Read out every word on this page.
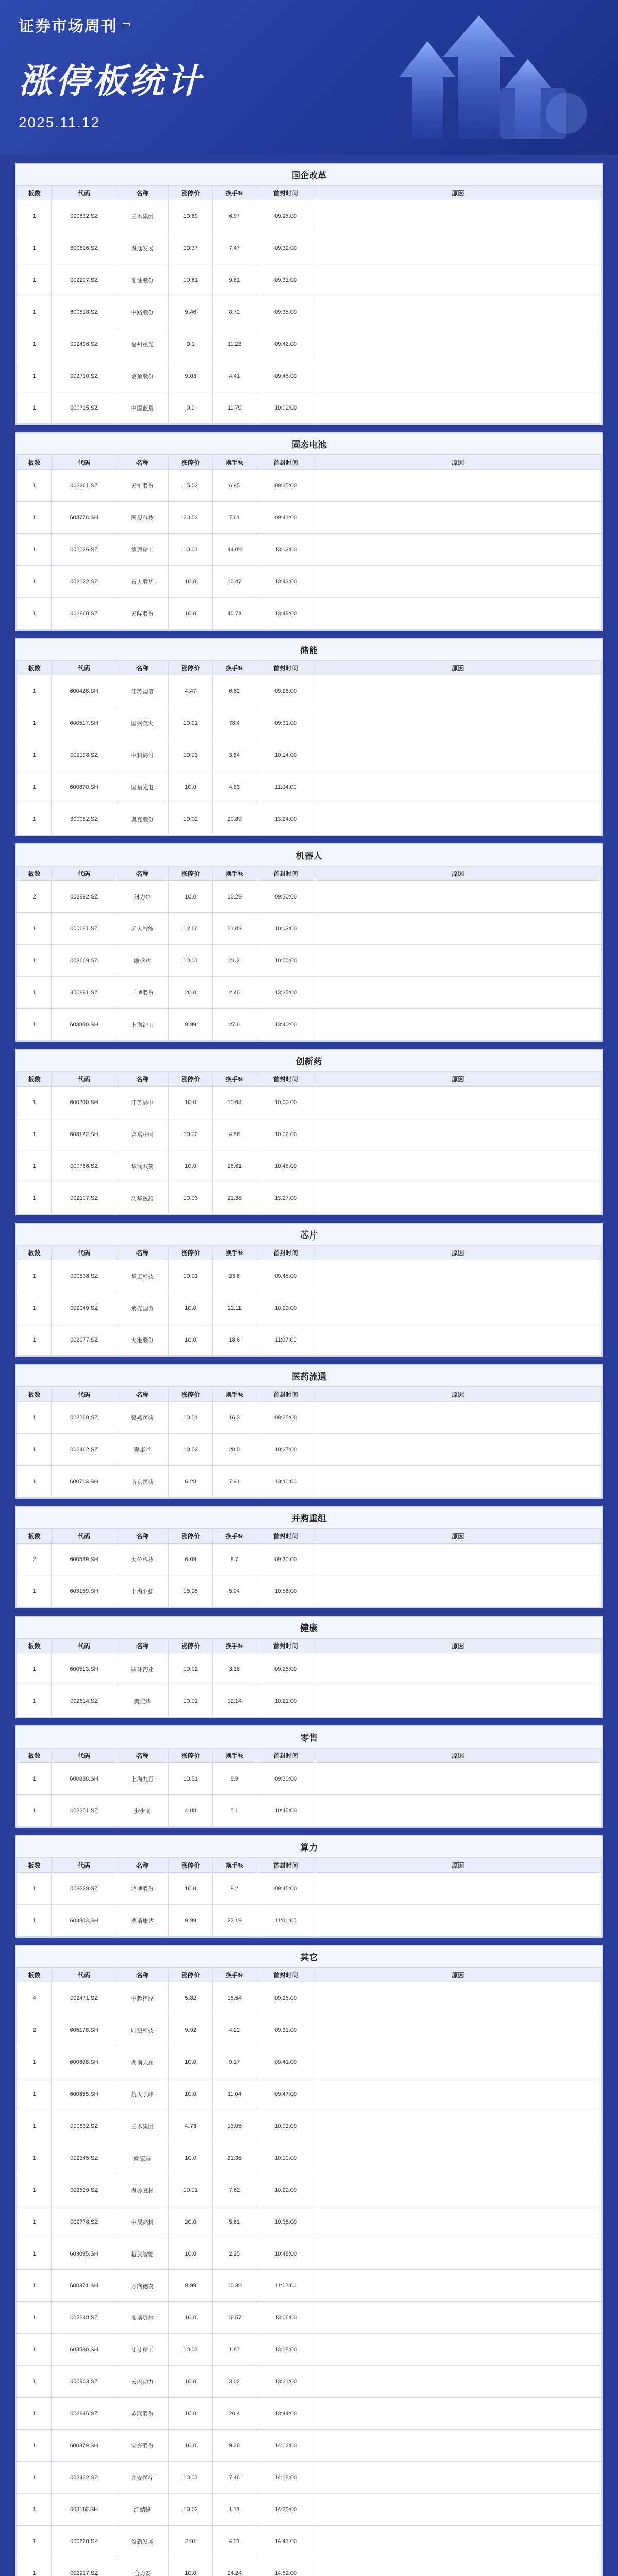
证券市场周刊
涨停板统计
2025.11.12
国企改革
板数	代码	名称	涨停价	换手%	首封时间	原因
1	000632.SZ	三木集团	10.69	6.97	09:25:00	
1	600616.SZ	海通发展	10.37	7.47	09:32:00	
1	002207.SZ	准油股份	10.61	9.61	09:31:00	
1	600818.SZ	中路股份	9.46	8.72	09:35:00	
1	002496.SZ	福州重光	9.1	11.23	09:42:00	
1	002710.SZ	金顶股份	9.03	4.41	09:45:00	
1	000715.SZ	中国蓝星	9.9	11.79	10:02:00	
固态电池
板数	代码	名称	涨停价	换手%	首封时间	原因
1	002261.SZ	天汇股份	15.02	6.95	09:35:00	
1	603778.SH	国晟科技	20.02	7.61	09:41:00	
1	003026.SZ	德恩精工	10.01	44.09	13:12:00	
1	002122.SZ	石大胜华	10.0	10.47	13:43:00	
1	002860.SZ	天际股份	10.0	40.71	13:49:00	
储能
板数	代码	名称	涨停价	换手%	首封时间	原因
1	600428.SH	江苏国信	4.47	6.62	09:25:00	
1	600517.SH	国网英大	10.01	78.4	09:31:00	
1	002198.SZ	中科海讯	10.03	3.84	10:14:00	
1	600870.SH	国星光电	10.0	4.63	11:04:00	
1	300082.SZ	奥克股份	19.02	20.89	13:24:00	
机器人
板数	代码	名称	涨停价	换手%	首封时间	原因
2	002892.SZ	科力尔	10.0	10.29	09:30:00	
1	000681.SZ	远大智能	12.66	21.02	10:12:00	
1	002669.SZ	康盛达	10.01	21.2	10:50:00	
1	300891.SZ	三博股份	20.0	2.46	13:25:00	
1	603880.SH	上海沪工	9.99	27.8	13:40:00	
创新药
板数	代码	名称	涨停价	换手%	首封时间	原因
1	600200.SH	江苏吴中	10.0	10.64	10:00:00	
1	603122.SH	合富中国	10.02	4.86	10:02:00	
1	000766.SZ	华润双鹤	10.0	28.61	10:48:00	
1	002107.SZ	沃华医药	10.03	21.38	13:27:00	
芯片
板数	代码	名称	涨停价	换手%	首封时间	原因
1	000538.SZ	华工科技	10.01	23.8	09:45:00	
1	002049.SZ	紫光国微	10.0	22.11	10:20:00	
1	002077.SZ	大港股份	10.0	18.6	11:07:00	
医药流通
板数	代码	名称	涨停价	换手%	首封时间	原因
1	002788.SZ	鹭燕医药	10.01	16.3	09:25:00	
1	002462.SZ	嘉事堂	10.02	20.0	10:27:00	
1	600713.SH	南京医药	6.28	7.91	13:11:00	
并购重组
板数	代码	名称	涨停价	换手%	首封时间	原因
2	600589.SH	大位科技	6.09	8.7	09:30:00	
1	603159.SH	上海亚虹	15.05	5.04	10:56:00	
健康
板数	代码	名称	涨停价	换手%	首封时间	原因
1	600513.SH	联环药业	10.02	3.18	09:25:00	
1	002614.SZ	奥佳华	10.01	12.14	10:21:00	
零售
板数	代码	名称	涨停价	换手%	首封时间	原因
1	600838.SH	上海九百	10.01	8.9	09:30:00	
1	002251.SZ	步步高	4.08	5.1	10:45:00	
算力
板数	代码	名称	涨停价	换手%	首封时间	原因
1	002229.SZ	鸿博股份	10.0	9.2	09:45:00	
1	603803.SH	瑞斯康达	9.99	22.19	11:01:00	
其它
板数	代码	名称	涨停价	换手%	首封时间	原因
4	002471.SZ	中超控股	5.82	15.54	09:25:00	
2	605178.SH	时空科技	9.92	4.22	09:31:00	
1	600698.SH	湖南天雁	10.0	9.17	09:41:00	
1	600855.SH	航天长峰	10.0	11.04	09:47:00	
1	000632.SZ	三木集团	4.73	13.05	10:03:00	
1	002345.SZ	潮宏基	10.0	21.36	10:10:00	
1	002529.SZ	海源复材	10.01	7.62	10:22:00	
1	002778.SZ	中晟高科	20.0	5.61	10:35:00	
1	603095.SH	越剑智能	10.0	2.25	10:48:00	
1	600371.SH	万向德农	9.99	10.38	11:12:00	
1	002848.SZ	高斯贝尔	10.0	16.57	13:06:00	
1	603580.SH	艾艾精工	10.01	1.87	13:18:00	
1	000903.SZ	云内动力	10.0	3.02	13:31:00	
1	002846.SZ	英联股份	10.0	20.4	13:44:00	
1	600379.SH	宝光股份	10.0	9.38	14:02:00	
1	002432.SZ	九安医疗	10.01	7.46	14:18:00	
1	603116.SH	红蜻蜓	10.02	1.71	14:30:00	
1	000620.SZ	盈新发展	2.91	4.91	14:41:00	
1	002217.SZ	合力泰	10.0	14.24	14:52:00	
